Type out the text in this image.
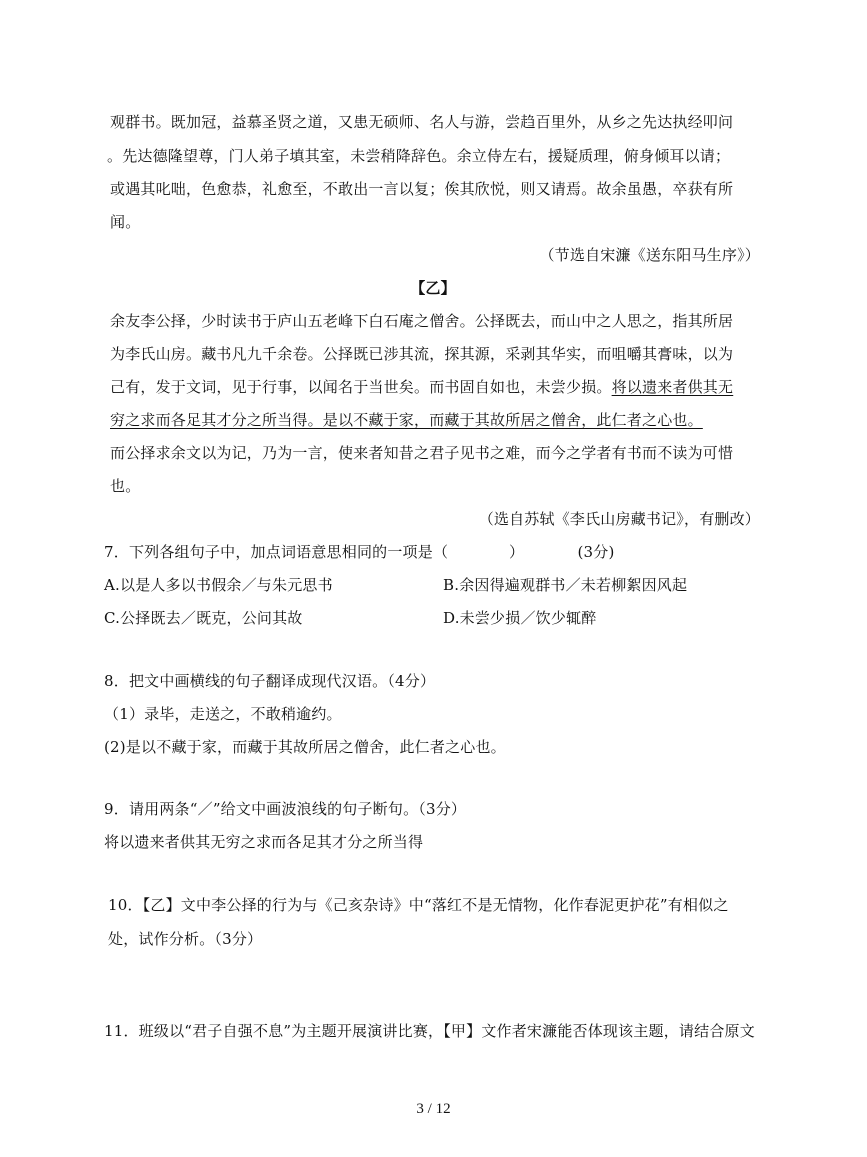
观群书。既加冠，益慕圣贤之道，又患无硕师、名人与游，尝趋百里外，从乡之先达执经叩问
。先达德隆望尊，门人弟子填其室，未尝稍降辞色。余立侍左右，援疑质理，俯身倾耳以请；
或遇其叱咄，色愈恭，礼愈至，不敢出一言以复；俟其欣悦，则又请焉。故余虽愚，卒获有所
闻。
（节选自宋濂《送东阳马生序》）
【乙】
余友李公择，少时读书于庐山五老峰下白石庵之僧舍。公择既去，而山中之人思之，指其所居
为李氏山房。藏书凡九千余卷。公择既已涉其流，探其源，采剥其华实，而咀嚼其膏味，以为
己有，发于文词，见于行事，以闻名于当世矣。而书固自如也，未尝少损。将以遗来者供其无
穷之求而各足其才分之所当得。是以不藏于家，而藏于其故所居之僧舍，此仁者之心也。
而公择求余文以为记，乃为一言，使来者知昔之君子见书之难，而今之学者有书而不读为可惜
也。
（选自苏轼《李氏山房藏书记》，有删改）
7．下列各组句子中，加点词语意思相同的一项是（　　　　）　　　　(3分)
A.以是人多以书假余／与朱元思书	B.余因得遍观群书／未若柳絮因风起
C.公择既去／既克，公问其故	D.未尝少损／饮少辄醉
8．把文中画横线的句子翻译成现代汉语。（4分）
（1）录毕，走送之，不敢稍逾约。
(2)是以不藏于家，而藏于其故所居之僧舍，此仁者之心也。
9．请用两条“／”给文中画波浪线的句子断句。（3分）
将以遗来者供其无穷之求而各足其才分之所当得
10．【乙】文中李公择的行为与《己亥杂诗》中“落红不是无情物，化作春泥更护花”有相似之
处，试作分析。（3分）
11．班级以“君子自强不息”为主题开展演讲比赛，【甲】文作者宋濂能否体现该主题，请结合原文
3 / 12
